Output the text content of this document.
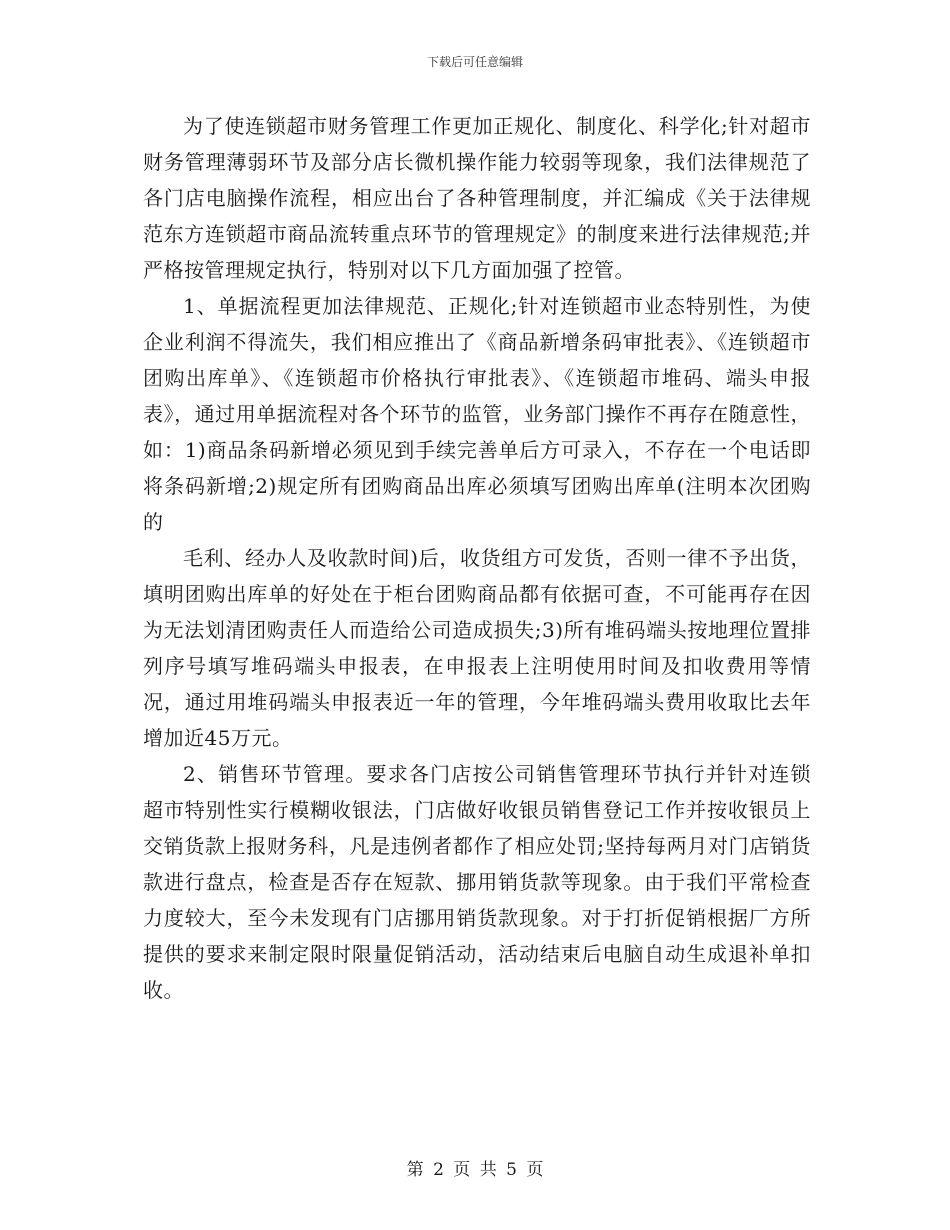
下载后可任意编辑

为了使连锁超市财务管理工作更加正规化、制度化、科学化;针对超市财务管理薄弱环节及部分店长微机操作能力较弱等现象，我们法律规范了各门店电脑操作流程，相应出台了各种管理制度，并汇编成《关于法律规范东方连锁超市商品流转重点环节的管理规定》的制度来进行法律规范;并严格按管理规定执行，特别对以下几方面加强了控管。

1、单据流程更加法律规范、正规化;针对连锁超市业态特别性，为使企业利润不得流失，我们相应推出了《商品新增条码审批表》、《连锁超市团购出库单》、《连锁超市价格执行审批表》、《连锁超市堆码、端头申报表》，通过用单据流程对各个环节的监管，业务部门操作不再存在随意性，如：1)商品条码新增必须见到手续完善单后方可录入，不存在一个电话即将条码新增;2)规定所有团购商品出库必须填写团购出库单(注明本次团购的

毛利、经办人及收款时间)后，收货组方可发货，否则一律不予出货，填明团购出库单的好处在于柜台团购商品都有依据可查，不可能再存在因为无法划清团购责任人而造给公司造成损失;3)所有堆码端头按地理位置排列序号填写堆码端头申报表，在申报表上注明使用时间及扣收费用等情况，通过用堆码端头申报表近一年的管理，今年堆码端头费用收取比去年增加近45万元。

2、销售环节管理。要求各门店按公司销售管理环节执行并针对连锁超市特别性实行模糊收银法，门店做好收银员销售登记工作并按收银员上交销货款上报财务科，凡是违例者都作了相应处罚;坚持每两月对门店销货款进行盘点，检查是否存在短款、挪用销货款等现象。由于我们平常检查力度较大，至今未发现有门店挪用销货款现象。对于打折促销根据厂方所提供的要求来制定限时限量促销活动，活动结束后电脑自动生成退补单扣收。

第 2 页 共 5 页
